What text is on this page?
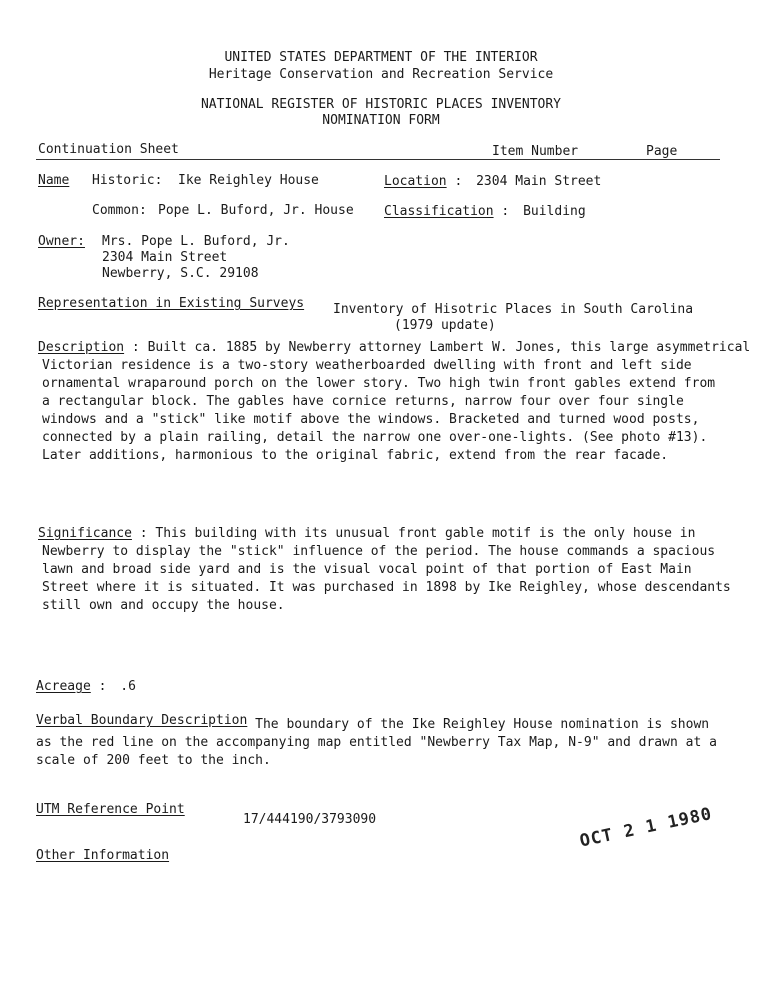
UNITED STATES DEPARTMENT OF THE INTERIOR
Heritage Conservation and Recreation Service
NATIONAL REGISTER OF HISTORIC PLACES INVENTORY
NOMINATION FORM
Continuation Sheet	Item Number	Page
Name Historic: Ike Reighley House
Common: Pope L. Buford, Jr. House
Location : 2304 Main Street
Classification : Building
Owner: Mrs. Pope L. Buford, Jr.
2304 Main Street
Newberry, S.C. 29108
Representation in Existing Surveys Inventory of Hisotric Places in South Carolina
(1979 update)
Description : Built ca. 1885 by Newberry attorney Lambert W. Jones, this large asymmetrical
Victorian residence is a two-story weatherboarded dwelling with front and left side
ornamental wraparound porch on the lower story. Two high twin front gables extend from
a rectangular block. The gables have cornice returns, narrow four over four single
windows and a "stick" like motif above the windows. Bracketed and turned wood posts,
connected by a plain railing, detail the narrow one over-one-lights. (See photo #13).
Later additions, harmonious to the original fabric, extend from the rear facade.
Significance : This building with its unusual front gable motif is the only house in
Newberry to display the "stick" influence of the period. The house commands a spacious
lawn and broad side yard and is the visual vocal point of that portion of East Main
Street where it is situated. It was purchased in 1898 by Ike Reighley, whose descendants
still own and occupy the house.
Acreage : .6
Verbal Boundary Description The boundary of the Ike Reighley House nomination is shown
as the red line on the accompanying map entitled "Newberry Tax Map, N-9" and drawn at a
scale of 200 feet to the inch.
UTM Reference Point
17/444190/3793090
Other Information
OCT 2 1 1980
